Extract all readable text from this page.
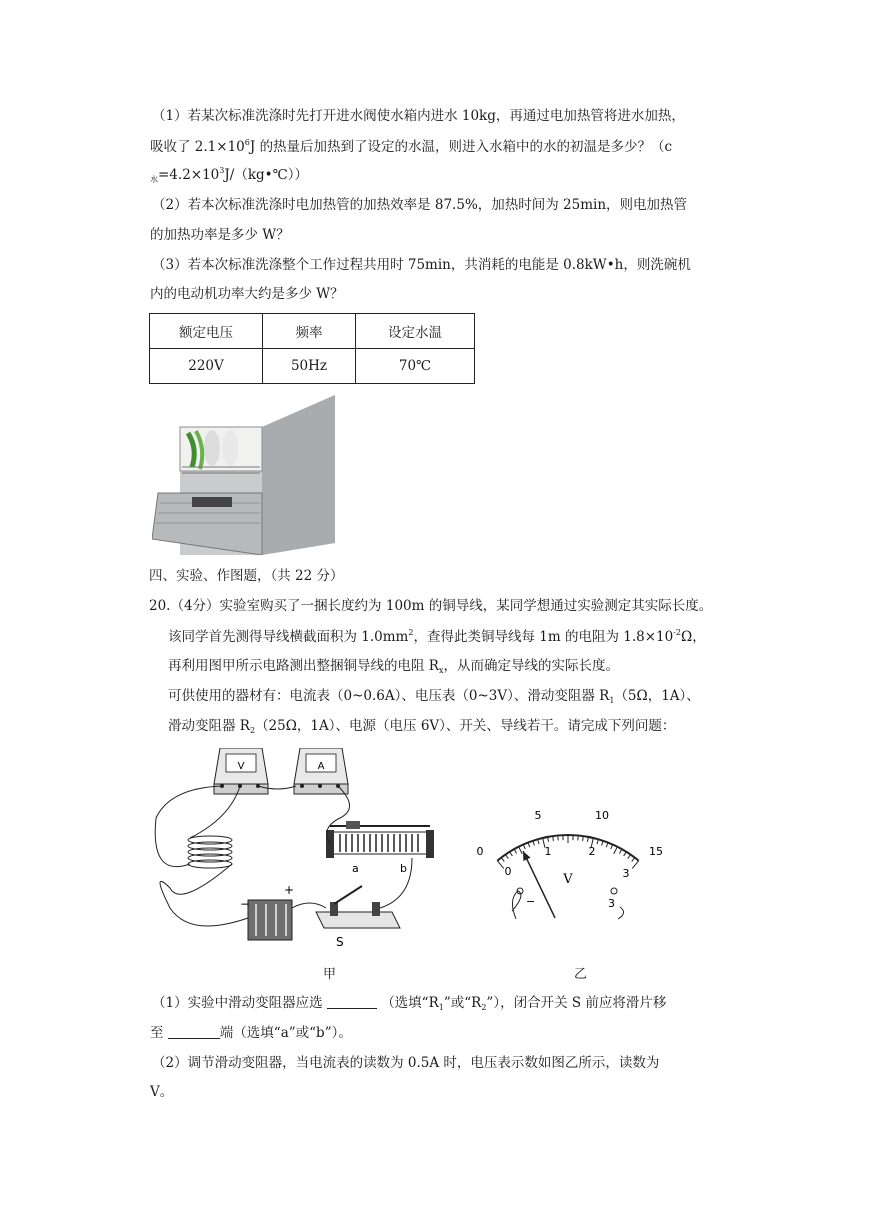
（1）若某次标准洗涤时先打开进水阀使水箱内进水 10kg，再通过电加热管将进水加热，
吸收了 $2.1\times 10^6J$ 的热量后加热到了设定的水温，则进入水箱中的水的初温是多少？（c
$_水=4.2\times 10^3J/(kg•℃)$）
（2）若本次标准洗涤时电加热管的加热效率是 87.5%，加热时间为 25min，则电加热管
的加热功率是多少 W？
（3）若本次标准洗涤整个工作过程共用时 75min，共消耗的电能是 0.8kW•h，则洗碗机
内的电动机功率大约是多少 W？
额定电压	频率	设定水温
220V	50Hz	70℃
四、实验、作图题，（共 22 分）
20.（4分）实验室购买了一捆长度约为 100m 的铜导线，某同学想通过实验测定其实际长度。
该同学首先测得导线横截面积为 $1.0mm^2$，查得此类铜导线每 1m 的电阻为 $1.8\times 10^{-2}\Omega$，
再利用图甲所示电路测出整捆铜导线的电阻 $R_x$，从而确定导线的实际长度。
可供使用的器材有：电流表（0~0.6A）、电压表（0~3V）、滑动变阻器 $R_1(5\Omega$，1A）、
滑动变阻器 $R_2(25\Omega$，1A）、电源（电压 6V）、开关、导线若干。请完成下列问题：
V	A
a	b
−
+
S
0
5	10
15
0
1	2
3
V
−	3
甲	乙
（1）实验中滑动变阻器应选	（选填“$R_1$”或“$R_2$”），闭合开关 S 前应将滑片移
至	端（选填“a”或“b”）。
（2）调节滑动变阻器，当电流表的读数为 0.5A 时，电压表示数如图乙所示，读数为
V。
